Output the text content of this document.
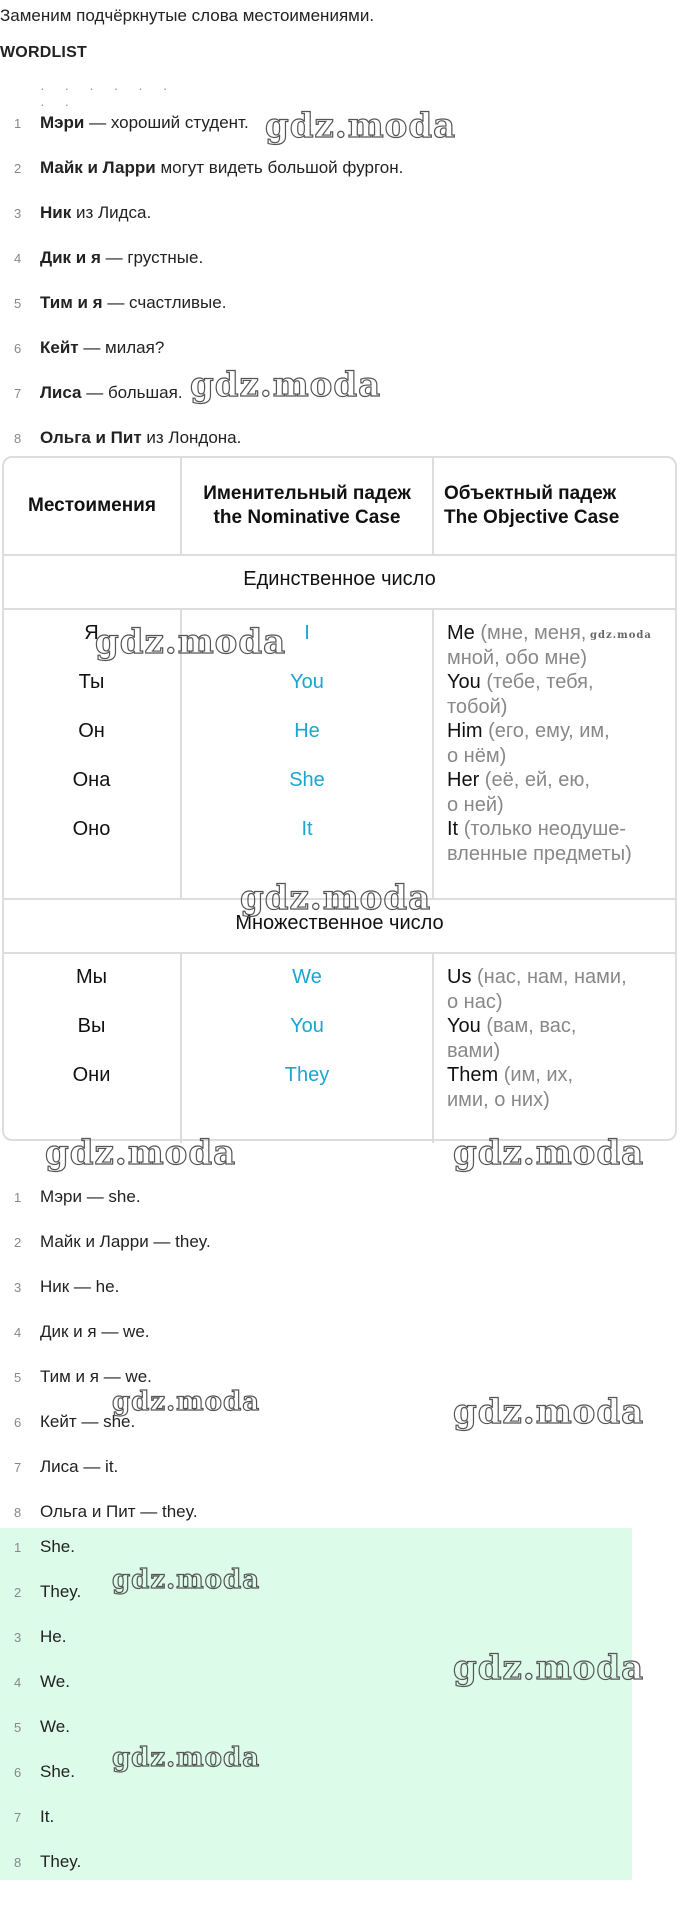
Заменим подчёркнутые слова местоимениями.
WORDLIST
· · · · · · · ·
1	Мэри — хороший студент.
2	Майк и Ларри могут видеть большой фургон.
3	Ник из Лидса.
4	Дик и я — грустные.
5	Тим и я — счастливые.
6	Кейт — милая?
7	Лиса — большая.
8	Ольга и Пит из Лондона.
Местоимения
Именительный падеж
the Nominative Case
Объектный падеж
The Objective Case
Единственное число
Множественное число
Я	I	Me (мне, меня,
мной, обо мне)
Ты	You	You (тебе, тебя,
тобой)
Он	He	Him (его, ему, им,
о нём)
Она	She	Her (её, ей, ею,
о ней)
Оно	It	It (только неодуше-
вленные предметы)
Мы	We	Us (нас, нам, нами,
о нас)
Вы	You	You (вам, вас,
вами)
Они	They	Them (им, их,
ими, о них)
1	Мэри — she.
2	Майк и Ларри — they.
3	Ник — he.
4	Дик и я — we.
5	Тим и я — we.
6	Кейт — she.
7	Лиса — it.
8	Ольга и Пит — they.
1	She.
2	They.
3	He.
4	We.
5	We.
6	She.
7	It.
8	They.
gdz.moda
gdz.moda
gdz.moda	gdz.moda
gdz.moda
gdz.moda	gdz.moda
gdz.moda	gdz.moda
gdz.moda
gdz.moda
gdz.moda
